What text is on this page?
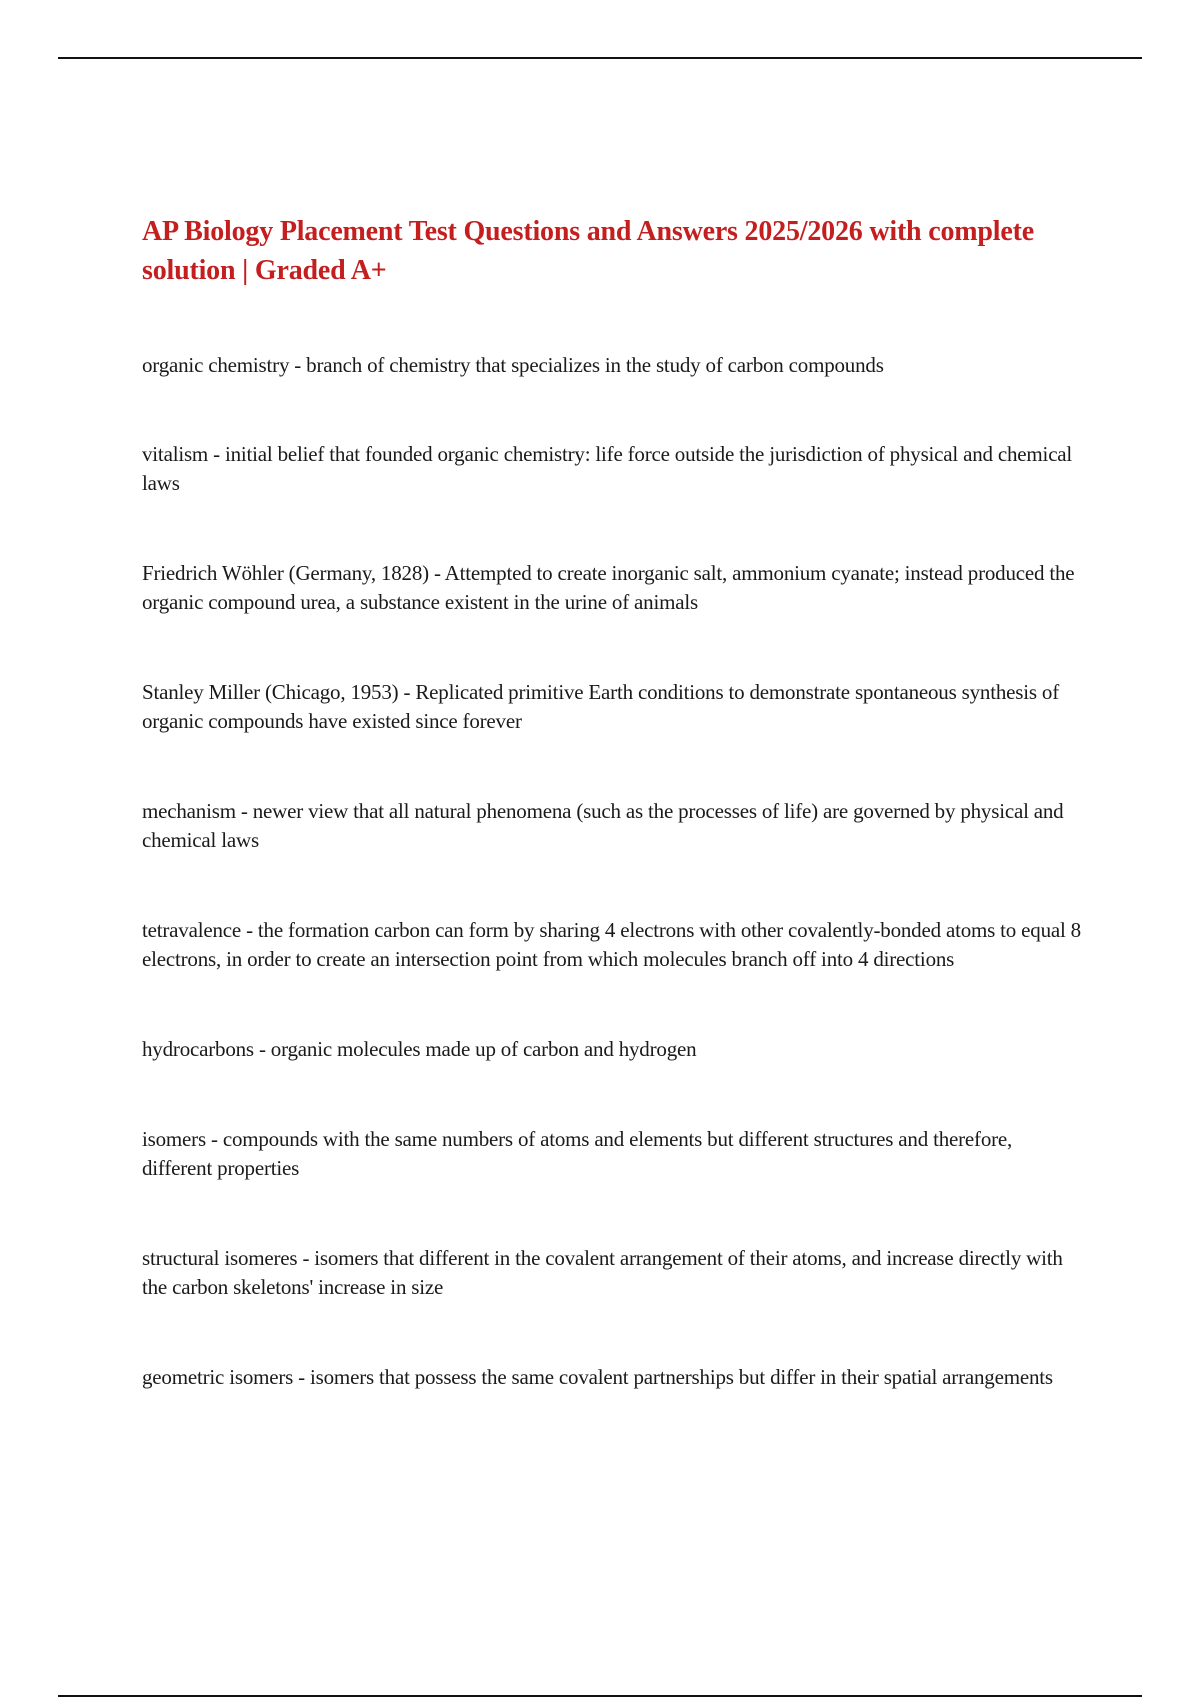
AP Biology Placement Test Questions and Answers 2025/2026 with complete solution | Graded A+
organic chemistry - branch of chemistry that specializes in the study of carbon compounds
vitalism - initial belief that founded organic chemistry: life force outside the jurisdiction of physical and chemical laws
Friedrich Wöhler (Germany, 1828) - Attempted to create inorganic salt, ammonium cyanate; instead produced the organic compound urea, a substance existent in the urine of animals
Stanley Miller (Chicago, 1953) - Replicated primitive Earth conditions to demonstrate spontaneous synthesis of organic compounds have existed since forever
mechanism - newer view that all natural phenomena (such as the processes of life) are governed by physical and chemical laws
tetravalence - the formation carbon can form by sharing 4 electrons with other covalently-bonded atoms to equal 8 electrons, in order to create an intersection point from which molecules branch off into 4 directions
hydrocarbons - organic molecules made up of carbon and hydrogen
isomers - compounds with the same numbers of atoms and elements but different structures and therefore, different properties
structural isomeres - isomers that different in the covalent arrangement of their atoms, and increase directly with the carbon skeletons' increase in size
geometric isomers - isomers that possess the same covalent partnerships but differ in their spatial arrangements
